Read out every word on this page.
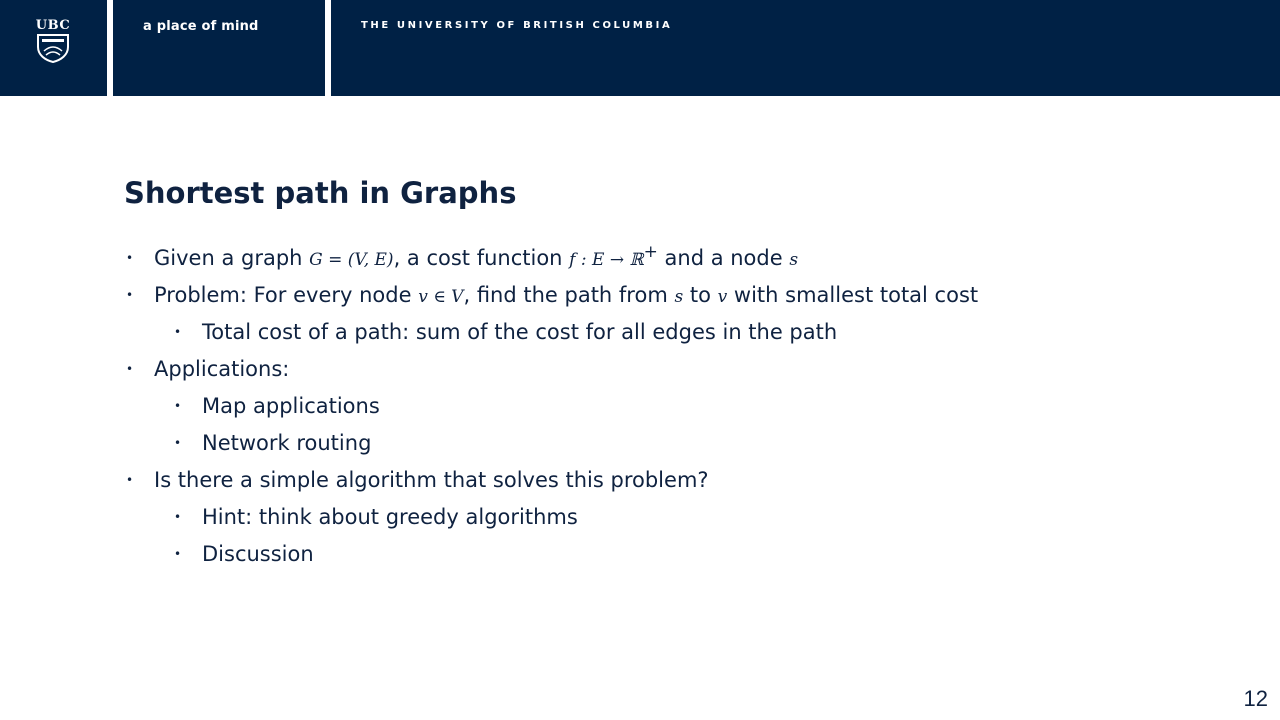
UBC	a place of mind	THE UNIVERSITY OF BRITISH COLUMBIA
Shortest path in Graphs
• Given a graph G = (V, E), a cost function f : E → ℝ+ and a node s
• Problem: For every node v ∈ V, find the path from s to v with smallest total cost
• Total cost of a path: sum of the cost for all edges in the path
• Applications:
• Map applications
• Network routing
• Is there a simple algorithm that solves this problem?
• Hint: think about greedy algorithms
• Discussion
12
